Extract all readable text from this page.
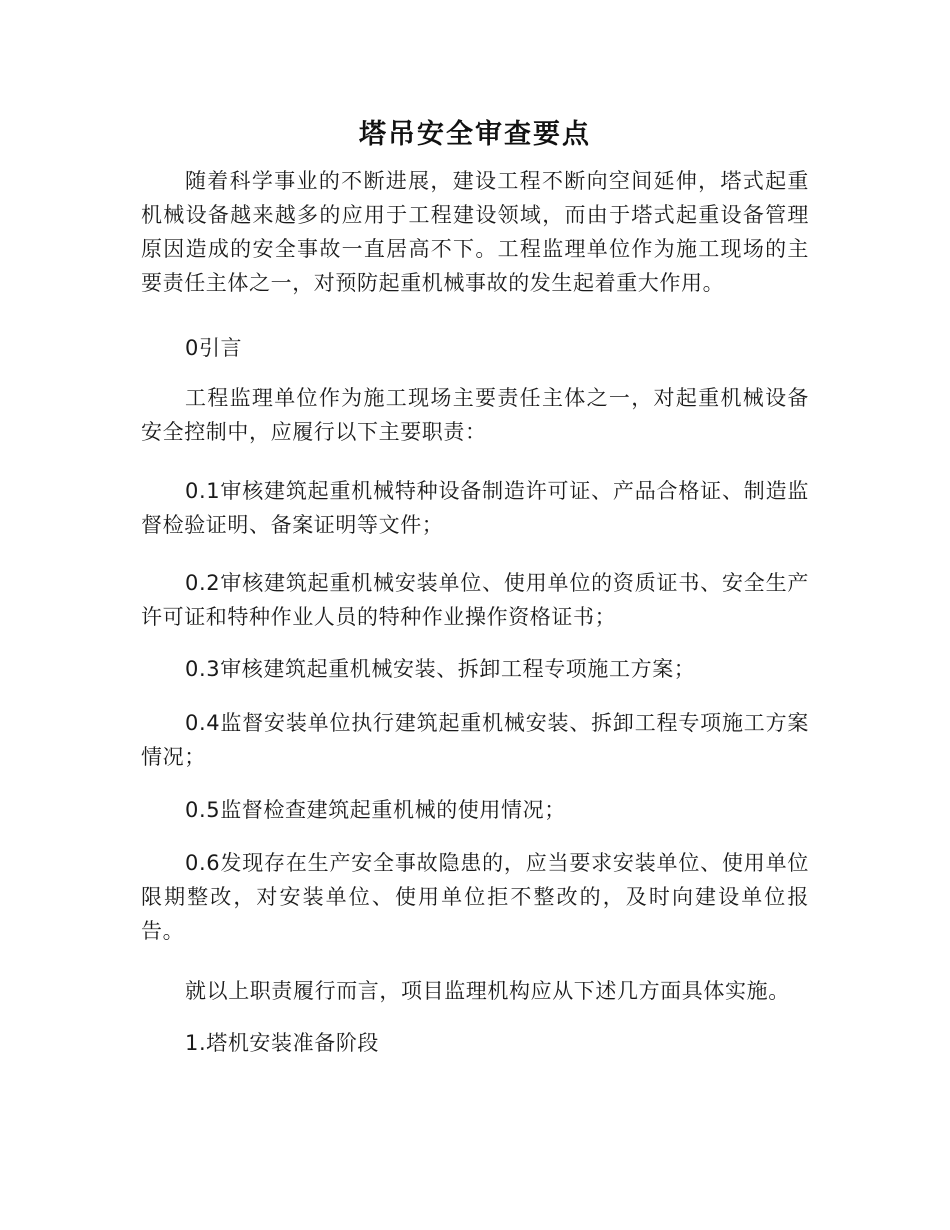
塔吊安全审查要点

随着科学事业的不断进展，建设工程不断向空间延伸，塔式起重机械设备越来越多的应用于工程建设领域，而由于塔式起重设备管理原因造成的安全事故一直居高不下。工程监理单位作为施工现场的主要责任主体之一，对预防起重机械事故的发生起着重大作用。

0引言

工程监理单位作为施工现场主要责任主体之一，对起重机械设备安全控制中，应履行以下主要职责：

0.1审核建筑起重机械特种设备制造许可证、产品合格证、制造监督检验证明、备案证明等文件；

0.2审核建筑起重机械安装单位、使用单位的资质证书、安全生产许可证和特种作业人员的特种作业操作资格证书；

0.3审核建筑起重机械安装、拆卸工程专项施工方案；

0.4监督安装单位执行建筑起重机械安装、拆卸工程专项施工方案情况；

0.5监督检查建筑起重机械的使用情况；

0.6发现存在生产安全事故隐患的，应当要求安装单位、使用单位限期整改，对安装单位、使用单位拒不整改的，及时向建设单位报告。

就以上职责履行而言，项目监理机构应从下述几方面具体实施。

1.塔机安装准备阶段
